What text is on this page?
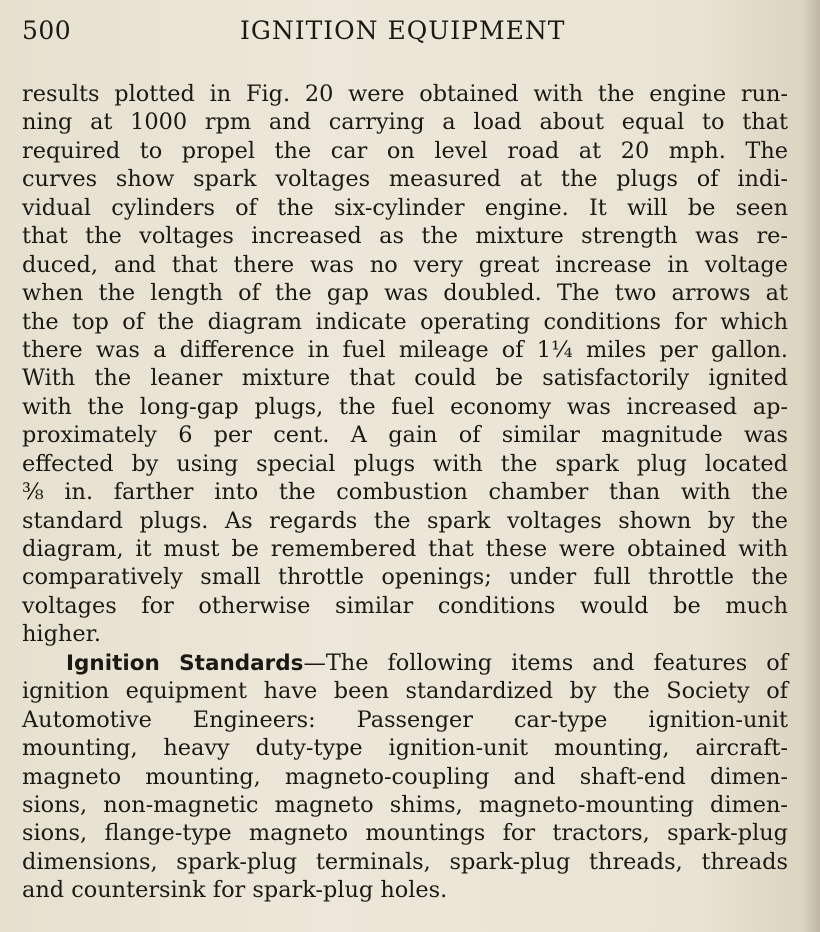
500	IGNITION EQUIPMENT
results plotted in Fig. 20 were obtained with the engine run-
ning at 1000 rpm and carrying a load about equal to that
required to propel the car on level road at 20 mph. The
curves show spark voltages measured at the plugs of indi-
vidual cylinders of the six-cylinder engine. It will be seen
that the voltages increased as the mixture strength was re-
duced, and that there was no very great increase in voltage
when the length of the gap was doubled. The two arrows at
the top of the diagram indicate operating conditions for which
there was a difference in fuel mileage of 1¼ miles per gallon.
With the leaner mixture that could be satisfactorily ignited
with the long-gap plugs, the fuel economy was increased ap-
proximately 6 per cent. A gain of similar magnitude was
effected by using special plugs with the spark plug located
⅜ in. farther into the combustion chamber than with the
standard plugs. As regards the spark voltages shown by the
diagram, it must be remembered that these were obtained with
comparatively small throttle openings; under full throttle the
voltages for otherwise similar conditions would be much
higher.
Ignition Standards—The following items and features of
ignition equipment have been standardized by the Society of
Automotive Engineers: Passenger car-type ignition-unit
mounting, heavy duty-type ignition-unit mounting, aircraft-
magneto mounting, magneto-coupling and shaft-end dimen-
sions, non-magnetic magneto shims, magneto-mounting dimen-
sions, flange-type magneto mountings for tractors, spark-plug
dimensions, spark-plug terminals, spark-plug threads, threads
and countersink for spark-plug holes.
